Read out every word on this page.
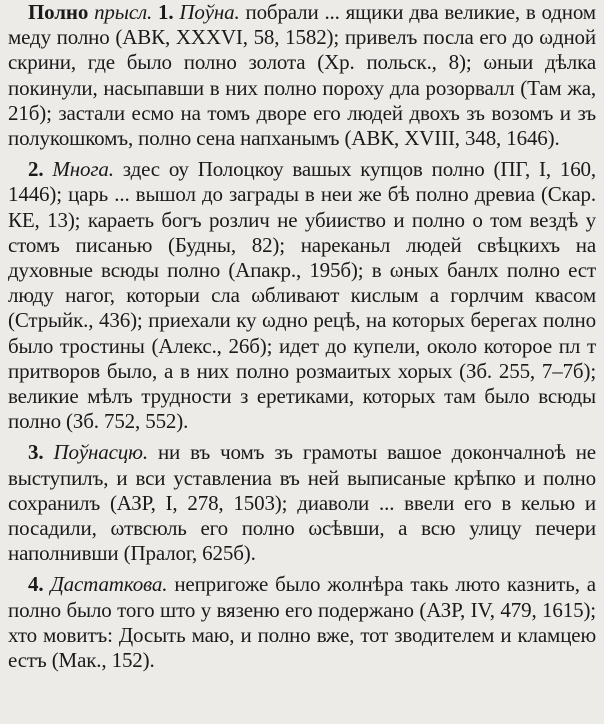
Полно прысл. 1. Поўна. побрали ... ящики два великие, в одном меду полно (АВК, XXXVI, 58, 1582); привелъ посла его до ωдной скрини, где было полно золота (Хр. польск., 8); ωныи дѣлка покинули, насыпавши в них полно пороху дла розорвалл (Там жа, 21б); застали есмо на томъ дворе его людей двохъ зъ возомъ и зъ полукошкомъ, полно сена напханымъ (АВК, XVIII, 348, 1646).

2. Многа. здес оу Полоцкоу вашых купцов полно (ПГ, I, 160, 1446); царь ... вышол до заграды в неи же бѣ полно древиа (Скар. КЕ, 13); караеть богъ розлич не убииство и полно о том вездѣ у стомъ писанью (Будны, 82); нареканьл людей свѣцкихъ на духовные всюды полно (Апакр., 195б); в ωных банлх полно ест люду нагог, которыи сла ωбливают кислым а горлчим квасом (Стрыйк., 436); приехали ку ωдно рецѣ, на которых берегах полно было тростины (Алекс., 26б); идет до купели, около которое пл т притворов было, а в них полно розмаитых хорых (Зб. 255, 7–7б); великие мѣлъ трудности з еретиками, которых там было всюды полно (Зб. 752, 552).

3. Поўнасцю. ни въ чомъ зъ грамоты вашое докончалноѣ не выступилъ, и вси уставлениа въ ней выписаные крѣпко и полно сохранилъ (АЗР, I, 278, 1503); диаволи ... ввели его в келью и посадили, ωтвсюль его полно ωсѣвши, а всю улицу печери наполнивши (Пралог, 625б).

4. Дастаткова. непригоже было жолнѣра такь люто казнить, а полно было того што у вязеню его подержано (АЗР, IV, 479, 1615); хто мовитъ: Досыть маю, и полно вже, тот зводителем и кламцею естъ (Мак., 152).
